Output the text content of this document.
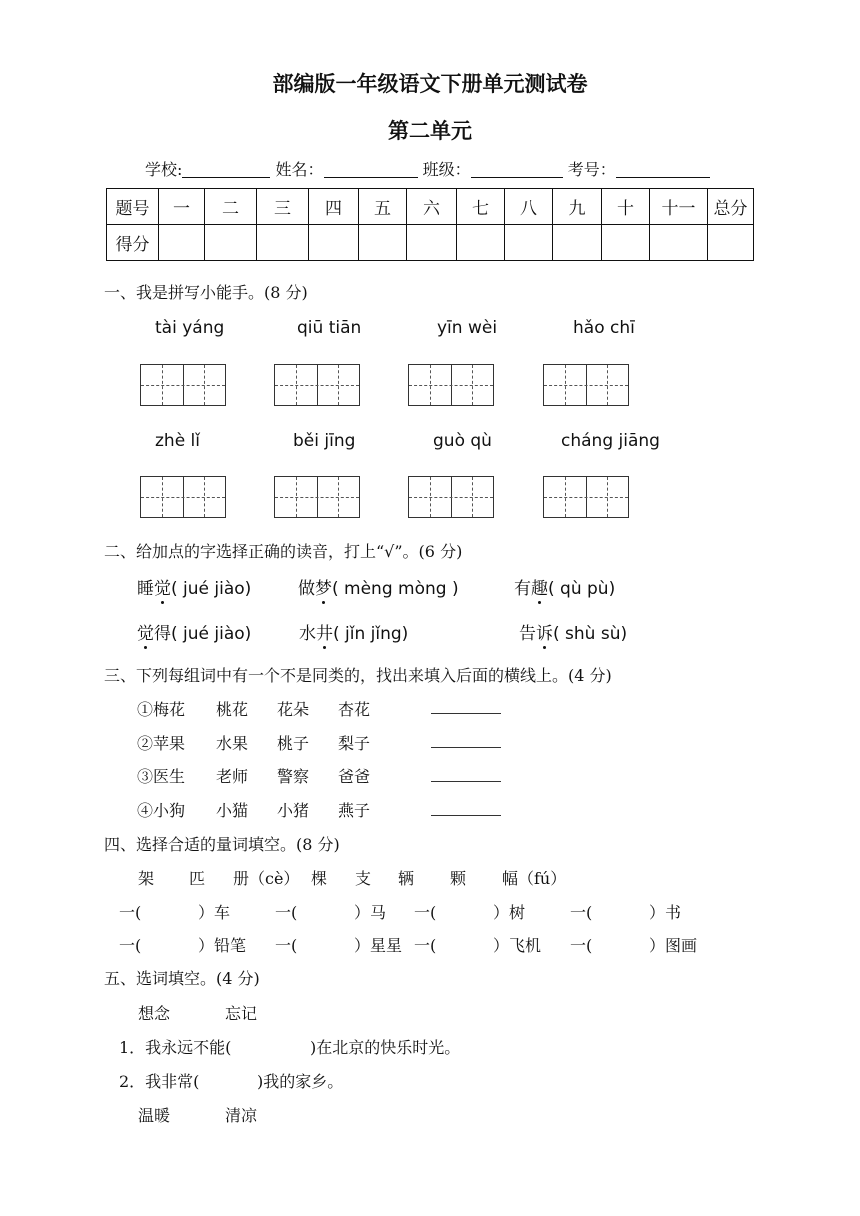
部编版一年级语文下册单元测试卷
第二单元
学校:	姓名：	班级：	考号：
题号	一	二	三	四	五	六	七	八	九	十	十一	总分
得分												
一、我是拼写小能手。(8 分)
tài yáng	qiū tiān	yīn wèi	hǎo chī
zhè lǐ	běi jīng	guò qù	cháng jiāng
二、给加点的字选择正确的读音，打上“√”。(6 分)
睡觉( jué jiào)	做梦( mèng mòng )	有趣( qù pù)
觉得( jué jiào)	水井( jǐn jǐng)	告诉( shù sù)
三、下列每组词中有一个不是同类的，找出来填入后面的横线上。(4 分)
①梅花 桃花 花朵 杏花
②苹果 水果 桃子 梨子
③医生 老师 警察 爸爸
④小狗 小猫 小猪 燕子
四、选择合适的量词填空。(8 分)
架 匹 册（cè） 棵 支 辆 颗 幅（fú）
一(	）车	一(	）马 一(	）树	一(	）书
一(	）铅笔 一(	）星星 一(	）飞机 一(	）图画
五、选词填空。(4 分)
想念	忘记
1．我永远不能(	)在北京的快乐时光。
2．我非常(	)我的家乡。
温暖	清凉
